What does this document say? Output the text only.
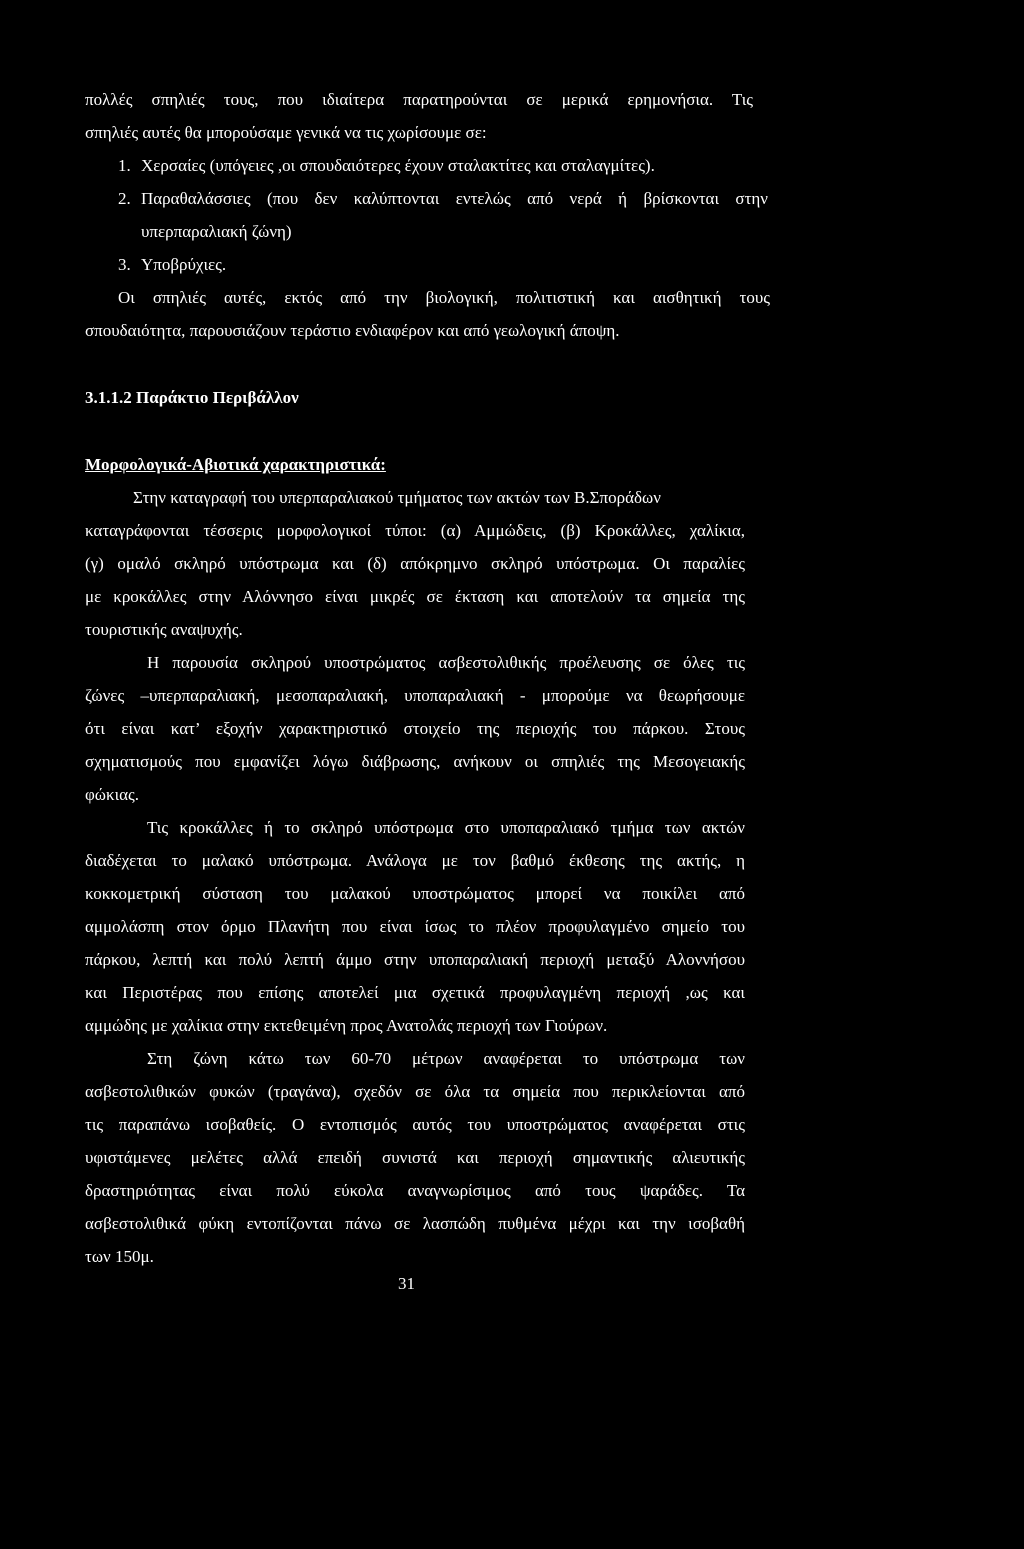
πολλές σπηλιές τους, που ιδιαίτερα παρατηρούνται σε μερικά ερημονήσια. Τις
σπηλιές αυτές θα μπορούσαμε γενικά να τις χωρίσουμε σε:
1. Χερσαίες (υπόγειες ,οι σπουδαιότερες έχουν σταλακτίτες και σταλαγμίτες).
2. Παραθαλάσσιες (που δεν καλύπτονται εντελώς από νερά ή βρίσκονται στην
υπερπαραλιακή ζώνη)
3. Υποβρύχιες.
Οι σπηλιές αυτές, εκτός από την βιολογική, πολιτιστική και αισθητική τους
σπουδαιότητα, παρουσιάζουν τεράστιο ενδιαφέρον και από γεωλογική άποψη.
3.1.1.2 Παράκτιο Περιβάλλον
Μορφολογικά-Αβιοτικά χαρακτηριστικά:
Στην καταγραφή του υπερπαραλιακού τμήματος των ακτών των Β.Σποράδων
καταγράφονται τέσσερις μορφολογικοί τύποι: (α) Αμμώδεις, (β) Κροκάλλες, χαλίκια,
(γ) ομαλό σκληρό υπόστρωμα και (δ) απόκρημνο σκληρό υπόστρωμα. Οι παραλίες
με κροκάλλες στην Αλόννησο είναι μικρές σε έκταση και αποτελούν τα σημεία της
τουριστικής αναψυχής.
Η παρουσία σκληρού υποστρώματος ασβεστολιθικής προέλευσης σε όλες τις
ζώνες –υπερπαραλιακή, μεσοπαραλιακή, υποπαραλιακή - μπορούμε να θεωρήσουμε
ότι είναι κατ’ εξοχήν χαρακτηριστικό στοιχείο της περιοχής του πάρκου. Στους
σχηματισμούς που εμφανίζει λόγω διάβρωσης, ανήκουν οι σπηλιές της Μεσογειακής
φώκιας.
Τις κροκάλλες ή το σκληρό υπόστρωμα στο υποπαραλιακό τμήμα των ακτών
διαδέχεται το μαλακό υπόστρωμα. Ανάλογα με τον βαθμό έκθεσης της ακτής, η
κοκκομετρική σύσταση του μαλακού υποστρώματος μπορεί να ποικίλει από
αμμολάσπη στον όρμο Πλανήτη που είναι ίσως το πλέον προφυλαγμένο σημείο του
πάρκου, λεπτή και πολύ λεπτή άμμο στην υποπαραλιακή περιοχή μεταξύ Αλοννήσου
και Περιστέρας που επίσης αποτελεί μια σχετικά προφυλαγμένη περιοχή ,ως και
αμμώδης με χαλίκια στην εκτεθειμένη προς Ανατολάς περιοχή των Γιούρων.
Στη ζώνη κάτω των 60-70 μέτρων αναφέρεται το υπόστρωμα των
ασβεστολιθικών φυκών (τραγάνα), σχεδόν σε όλα τα σημεία που περικλείονται από
τις παραπάνω ισοβαθείς. Ο εντοπισμός αυτός του υποστρώματος αναφέρεται στις
υφιστάμενες μελέτες αλλά επειδή συνιστά και περιοχή σημαντικής αλιευτικής
δραστηριότητας είναι πολύ εύκολα αναγνωρίσιμος από τους ψαράδες. Τα
ασβεστολιθικά φύκη εντοπίζονται πάνω σε λασπώδη πυθμένα μέχρι και την ισοβαθή
των 150μ.
31
